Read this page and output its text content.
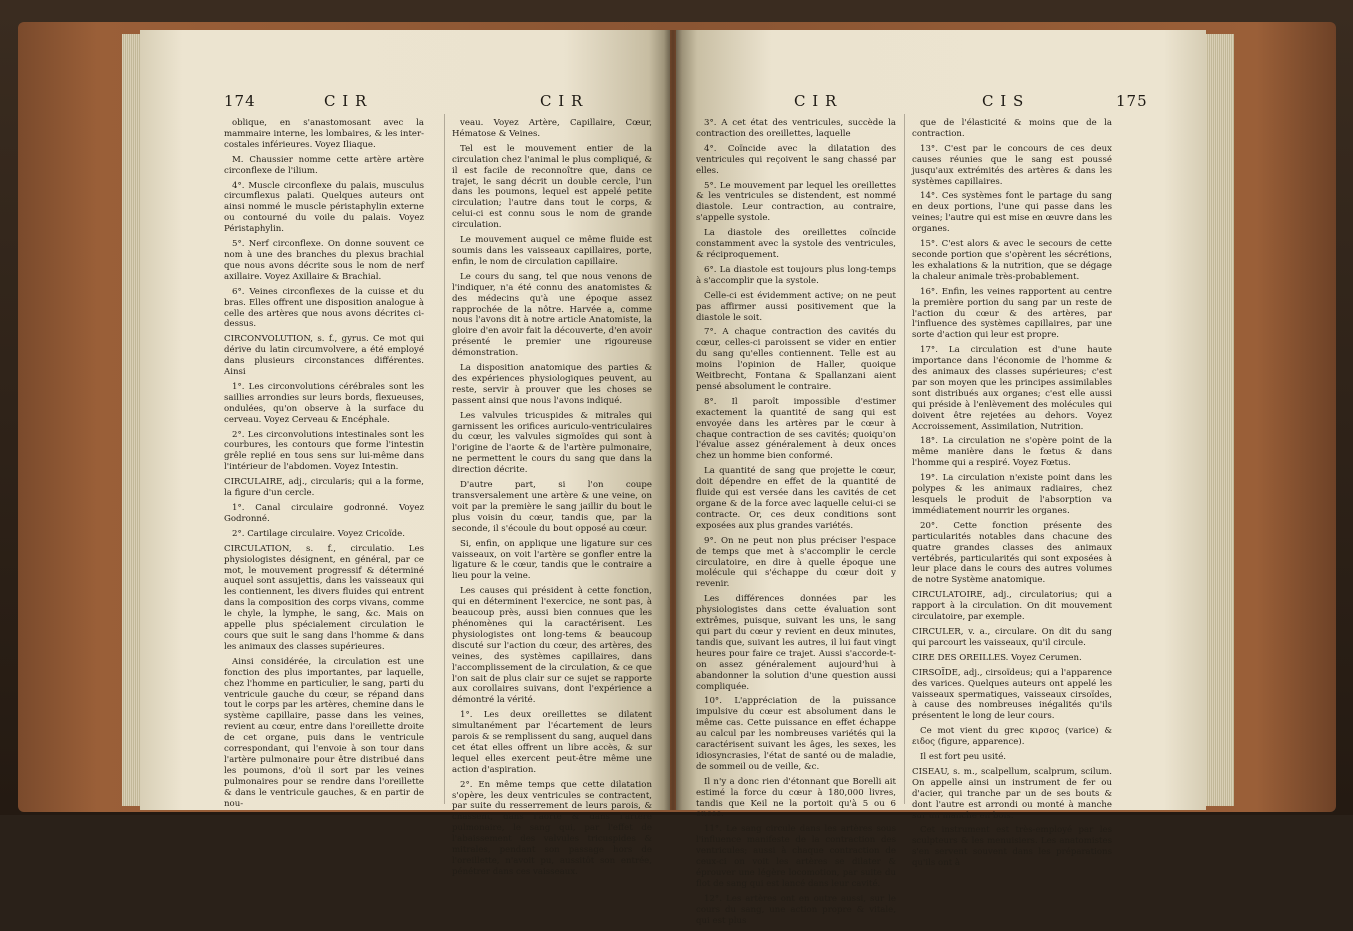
174	C I R	C I R

oblique, en s'anastomosant avec la mammaire interne, les lombaires, & les inter-costales inférieures. Voyez Iliaque.

M. Chaussier nomme cette artère artère circonflexe de l'ilium.

4°. Muscle circonflexe du palais, musculus circumflexus palati. Quelques auteurs ont ainsi nommé le muscle péristaphylin externe ou contourné du voile du palais. Voyez Péristaphylin.

5°. Nerf circonflexe. On donne souvent ce nom à une des branches du plexus brachial que nous avons décrite sous le nom de nerf axillaire. Voyez Axillaire & Brachial.

6°. Veines circonflexes de la cuisse et du bras. Elles offrent une disposition analogue à celle des artères que nous avons décrites ci-dessus.

CIRCONVOLUTION, s. f., gyrus. Ce mot qui dérive du latin circumvolvere, a été employé dans plusieurs circonstances différentes. Ainsi

1°. Les circonvolutions cérébrales sont les saillies arrondies sur leurs bords, flexueuses, ondulées, qu'on observe à la surface du cerveau. Voyez Cerveau & Encéphale.

2°. Les circonvolutions intestinales sont les courbures, les contours que forme l'intestin grêle replié en tous sens sur lui-même dans l'intérieur de l'abdomen. Voyez Intestin.

CIRCULAIRE, adj., circularis; qui a la forme, la figure d'un cercle.

1°. Canal circulaire godronné. Voyez Godronné.

2°. Cartilage circulaire. Voyez Cricoïde.

CIRCULATION, s. f., circulatio. Les physiologistes désignent, en général, par ce mot, le mouvement progressif & déterminé auquel sont assujettis, dans les vaisseaux qui les contiennent, les divers fluides qui entrent dans la composition des corps vivans, comme le chyle, la lymphe, le sang, &c. Mais on appelle plus spécialement circulation le cours que suit le sang dans l'homme & dans les animaux des classes supérieures.

Ainsi considérée, la circulation est une fonction des plus importantes, par laquelle, chez l'homme en particulier, le sang, parti du ventricule gauche du cœur, se répand dans tout le corps par les artères, chemine dans le système capillaire, passe dans les veines, revient au cœur, entre dans l'oreillette droite de cet organe, puis dans le ventricule correspondant, qui l'envoie à son tour dans l'artère pulmonaire pour être distribué dans les poumons, d'où il sort par les veines pulmonaires pour se rendre dans l'oreillette & dans le ventricule gauches, & en partir de nou-

veau. Voyez Artère, Capillaire, Cœur, Hématose & Veines.

Tel est le mouvement entier de la circulation chez l'animal le plus compliqué, & il est facile de reconnoître que, dans ce trajet, le sang décrit un double cercle, l'un dans les poumons, lequel est appelé petite circulation; l'autre dans tout le corps, & celui-ci est connu sous le nom de grande circulation.

Le mouvement auquel ce même fluide est soumis dans les vaisseaux capillaires, porte, enfin, le nom de circulation capillaire.

Le cours du sang, tel que nous venons de l'indiquer, n'a été connu des anatomistes & des médecins qu'à une époque assez rapprochée de la nôtre. Harvée a, comme nous l'avons dit à notre article Anatomiste, la gloire d'en avoir fait la découverte, d'en avoir présenté le premier une rigoureuse démonstration.

La disposition anatomique des parties & des expériences physiologiques peuvent, au reste, servir à prouver que les choses se passent ainsi que nous l'avons indiqué.

Les valvules tricuspides & mitrales qui garnissent les orifices auriculo-ventriculaires du cœur, les valvules sigmoïdes qui sont à l'origine de l'aorte & de l'artère pulmonaire, ne permettent le cours du sang que dans la direction décrite.

D'autre part, si l'on coupe transversalement une artère & une veine, on voit par la première le sang jaillir du bout le plus voisin du cœur, tandis que, par la seconde, il s'écoule du bout opposé au cœur.

Si, enfin, on applique une ligature sur ces vaisseaux, on voit l'artère se gonfler entre la ligature & le cœur, tandis que le contraire a lieu pour la veine.

Les causes qui président à cette fonction, qui en déterminent l'exercice, ne sont pas, à beaucoup près, aussi bien connues que les phénomènes qui la caractérisent. Les physiologistes ont long-tems & beaucoup discuté sur l'action du cœur, des artères, des veines, des systèmes capillaires, dans l'accomplissement de la circulation, & ce que l'on sait de plus clair sur ce sujet se rapporte aux corollaires suivans, dont l'expérience a démontré la vérité.

1°. Les deux oreillettes se dilatent simultanément par l'écartement de leurs parois & se remplissent du sang, auquel dans cet état elles offrent un libre accès, & sur lequel elles exercent peut-être même une action d'aspiration.

2°. En même temps que cette dilatation s'opère, les deux ventricules se contractent, par suite du resserrement de leurs parois, & chassent, dans l'aorte & dans l'artère pulmonaire, le sang qui, par l'effet de l'abaissement des valvules tricuspides & mitrales, pendant son passage hors de l'oreillette, n'avoit pu, aussitôt son entrée, pénétrer dans ces vaisseaux.

C I R	C I S	175

3°. A cet état des ventricules, succède la contraction des oreillettes, laquelle

4°. Coïncide avec la dilatation des ventricules qui reçoivent le sang chassé par elles.

5°. Le mouvement par lequel les oreillettes & les ventricules se distendent, est nommé diastole. Leur contraction, au contraire, s'appelle systole.

La diastole des oreillettes coïncide constamment avec la systole des ventricules, & réciproquement.

6°. La diastole est toujours plus long-temps à s'accomplir que la systole.

Celle-ci est évidemment active; on ne peut pas affirmer aussi positivement que la diastole le soit.

7°. A chaque contraction des cavités du cœur, celles-ci paroissent se vider en entier du sang qu'elles contiennent. Telle est au moins l'opinion de Haller, quoique Weitbrecht, Fontana & Spallanzani aient pensé absolument le contraire.

8°. Il paroît impossible d'estimer exactement la quantité de sang qui est envoyée dans les artères par le cœur à chaque contraction de ses cavités; quoiqu'on l'évalue assez généralement à deux onces chez un homme bien conformé.

La quantité de sang que projette le cœur, doit dépendre en effet de la quantité de fluide qui est versée dans les cavités de cet organe & de la force avec laquelle celui-ci se contracte. Or, ces deux conditions sont exposées aux plus grandes variétés.

9°. On ne peut non plus préciser l'espace de temps que met à s'accomplir le cercle circulatoire, en dire à quelle époque une molécule qui s'échappe du cœur doit y revenir.

Les différences données par les physiologistes dans cette évaluation sont extrêmes, puisque, suivant les uns, le sang qui part du cœur y revient en deux minutes, tandis que, suivant les autres, il lui faut vingt heures pour faire ce trajet. Aussi s'accorde-t-on assez généralement aujourd'hui à abandonner la solution d'une question aussi compliquée.

10°. L'appréciation de la puissance impulsive du cœur est absolument dans le même cas. Cette puissance en effet échappe au calcul par les nombreuses variétés qui la caractérisent suivant les âges, les sexes, les idiosyncrasies, l'état de santé ou de maladie, de sommeil ou de veille, &c.

Il n'y a donc rien d'étonnant que Borelli ait estimé la force du cœur à 180,000 livres, tandis que Keil ne la portoit qu'à 5 ou 6 onces.

11°. Le sang circule dans les artères sous l'influence manifeste de la contraction des ventricules; aussi à chaque contraction de ceux-ci on voit les artères se dilater & éprouver une légère locomotion, par suite du flot de sang qui est lancé dans leur cavité.

12°. Les artères ont en outre aussi, sur le cours du sang, une action propre & vitale, qui est plus

que de l'élasticité & moins que de la contraction.

13°. C'est par le concours de ces deux causes réunies que le sang est poussé jusqu'aux extrémités des artères & dans les systèmes capillaires.

14°. Ces systèmes font le partage du sang en deux portions, l'une qui passe dans les veines; l'autre qui est mise en œuvre dans les organes.

15°. C'est alors & avec le secours de cette seconde portion que s'opèrent les sécrétions, les exhalations & la nutrition, que se dégage la chaleur animale très-probablement.

16°. Enfin, les veines rapportent au centre la première portion du sang par un reste de l'action du cœur & des artères, par l'influence des systèmes capillaires, par une sorte d'action qui leur est propre.

17°. La circulation est d'une haute importance dans l'économie de l'homme & des animaux des classes supérieures; c'est par son moyen que les principes assimilables sont distribués aux organes; c'est elle aussi qui préside à l'enlèvement des molécules qui doivent être rejetées au dehors. Voyez Accroissement, Assimilation, Nutrition.

18°. La circulation ne s'opère point de la même manière dans le fœtus & dans l'homme qui a respiré. Voyez Fœtus.

19°. La circulation n'existe point dans les polypes & les animaux radiaires, chez lesquels le produit de l'absorption va immédiatement nourrir les organes.

20°. Cette fonction présente des particularités notables dans chacune des quatre grandes classes des animaux vertébrés, particularités qui sont exposées à leur place dans le cours des autres volumes de notre Système anatomique.

CIRCULATOIRE, adj., circulatorius; qui a rapport à la circulation. On dit mouvement circulatoire, par exemple.

CIRCULER, v. a., circulare. On dit du sang qui parcourt les vaisseaux, qu'il circule.

CIRE DES OREILLES. Voyez Cerumen.

CIRSOÏDE, adj., cirsoïdeus; qui a l'apparence des varices. Quelques auteurs ont appelé les vaisseaux spermatiques, vaisseaux cirsoïdes, à cause des nombreuses inégalités qu'ils présentent le long de leur cours.

Ce mot vient du grec κιρσος (varice) & ειδος (figure, apparence).

Il est fort peu usité.

CISEAU, s. m., scalpellum, scalprum, scilum. On appelle ainsi un instrument de fer ou d'acier, qui tranche par un de ses bouts & dont l'autre est arrondi ou monté à manche sur un manche en bois.

Cet instrument est très-employé par les sculpteurs & les menuisiers. Les anatomistes s'en servent souvent dans les préparations qu'ils ont à
